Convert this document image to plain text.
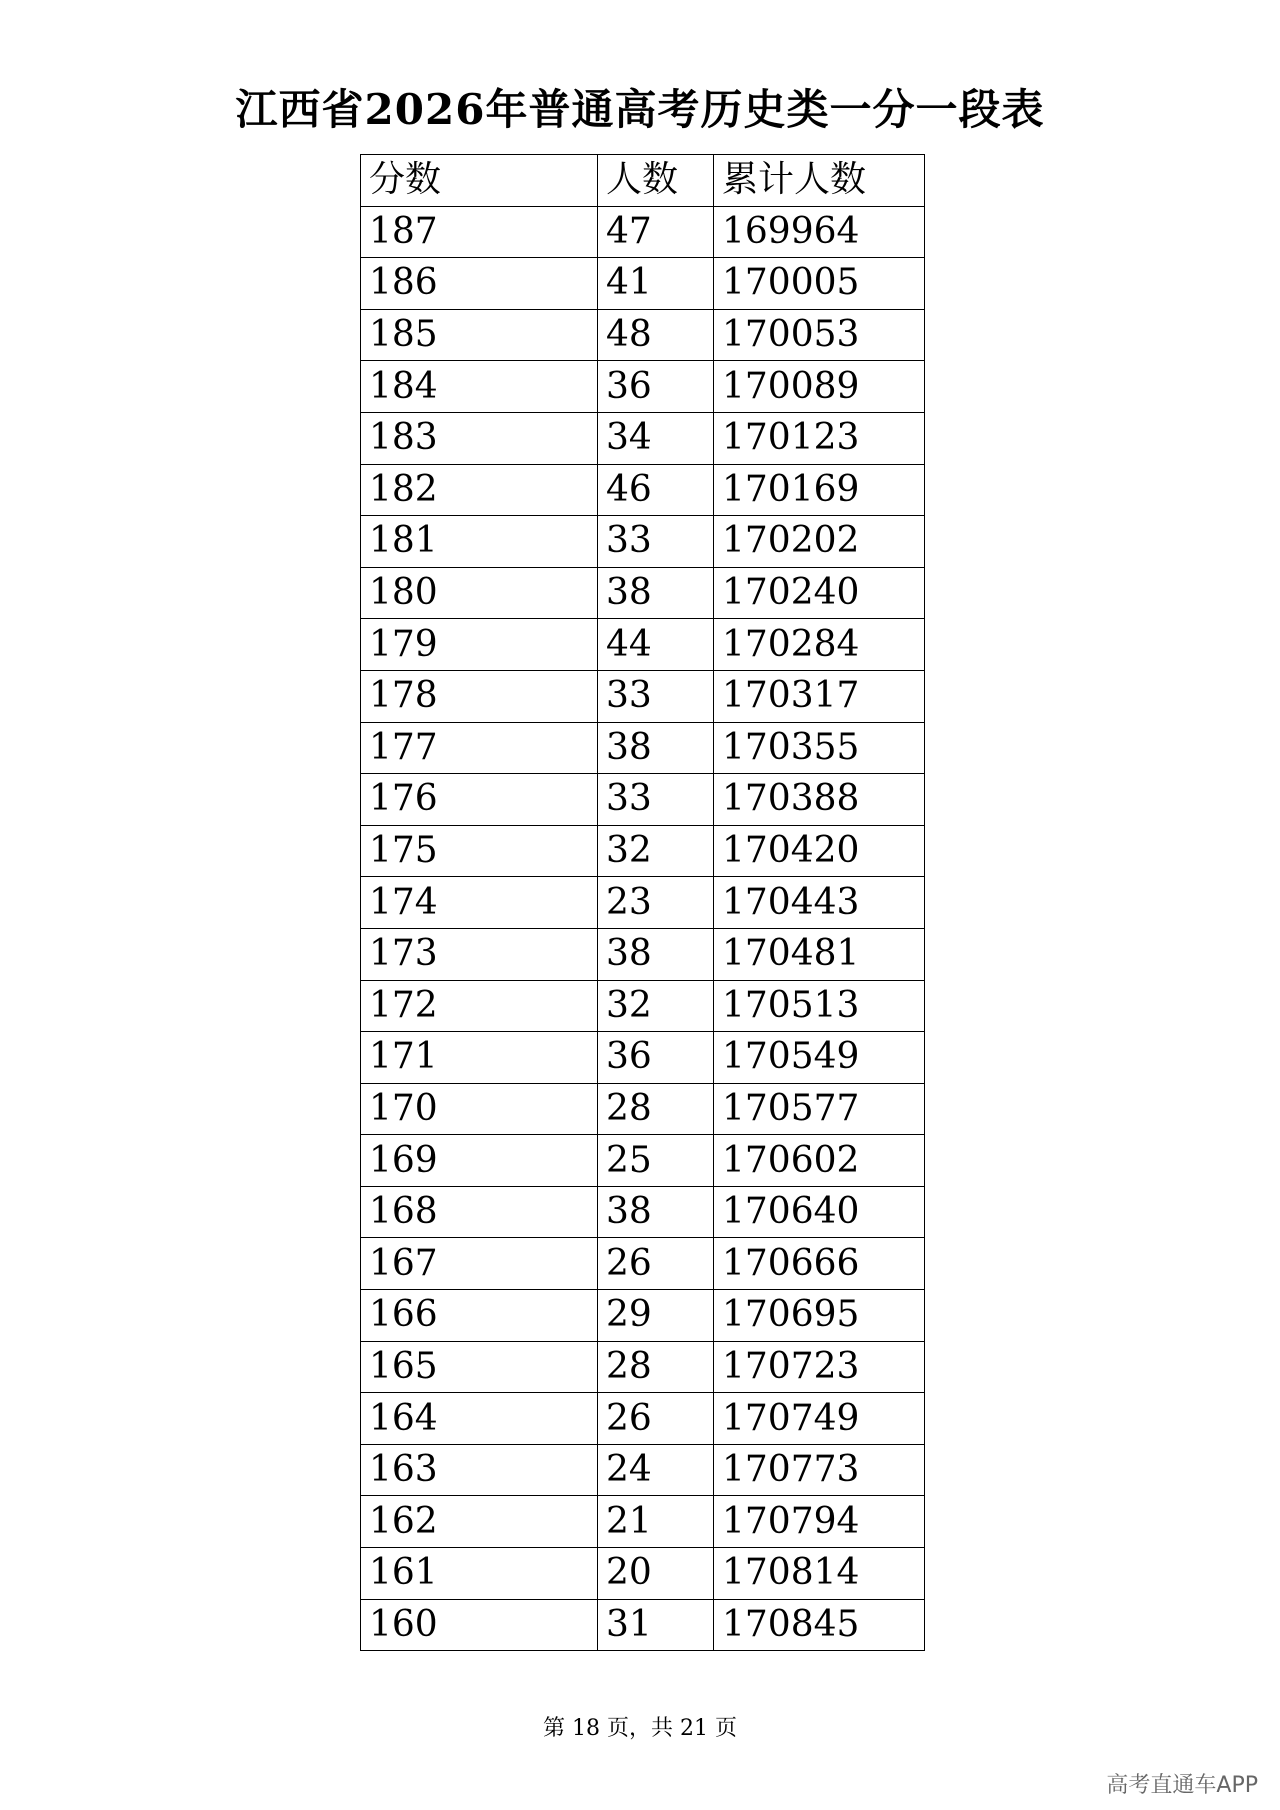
江西省2026年普通高考历史类一分一段表
分数	人数	累计人数
187	47	169964
186	41	170005
185	48	170053
184	36	170089
183	34	170123
182	46	170169
181	33	170202
180	38	170240
179	44	170284
178	33	170317
177	38	170355
176	33	170388
175	32	170420
174	23	170443
173	38	170481
172	32	170513
171	36	170549
170	28	170577
169	25	170602
168	38	170640
167	26	170666
166	29	170695
165	28	170723
164	26	170749
163	24	170773
162	21	170794
161	20	170814
160	31	170845
第 18 页，共 21 页
高考直通车APP
